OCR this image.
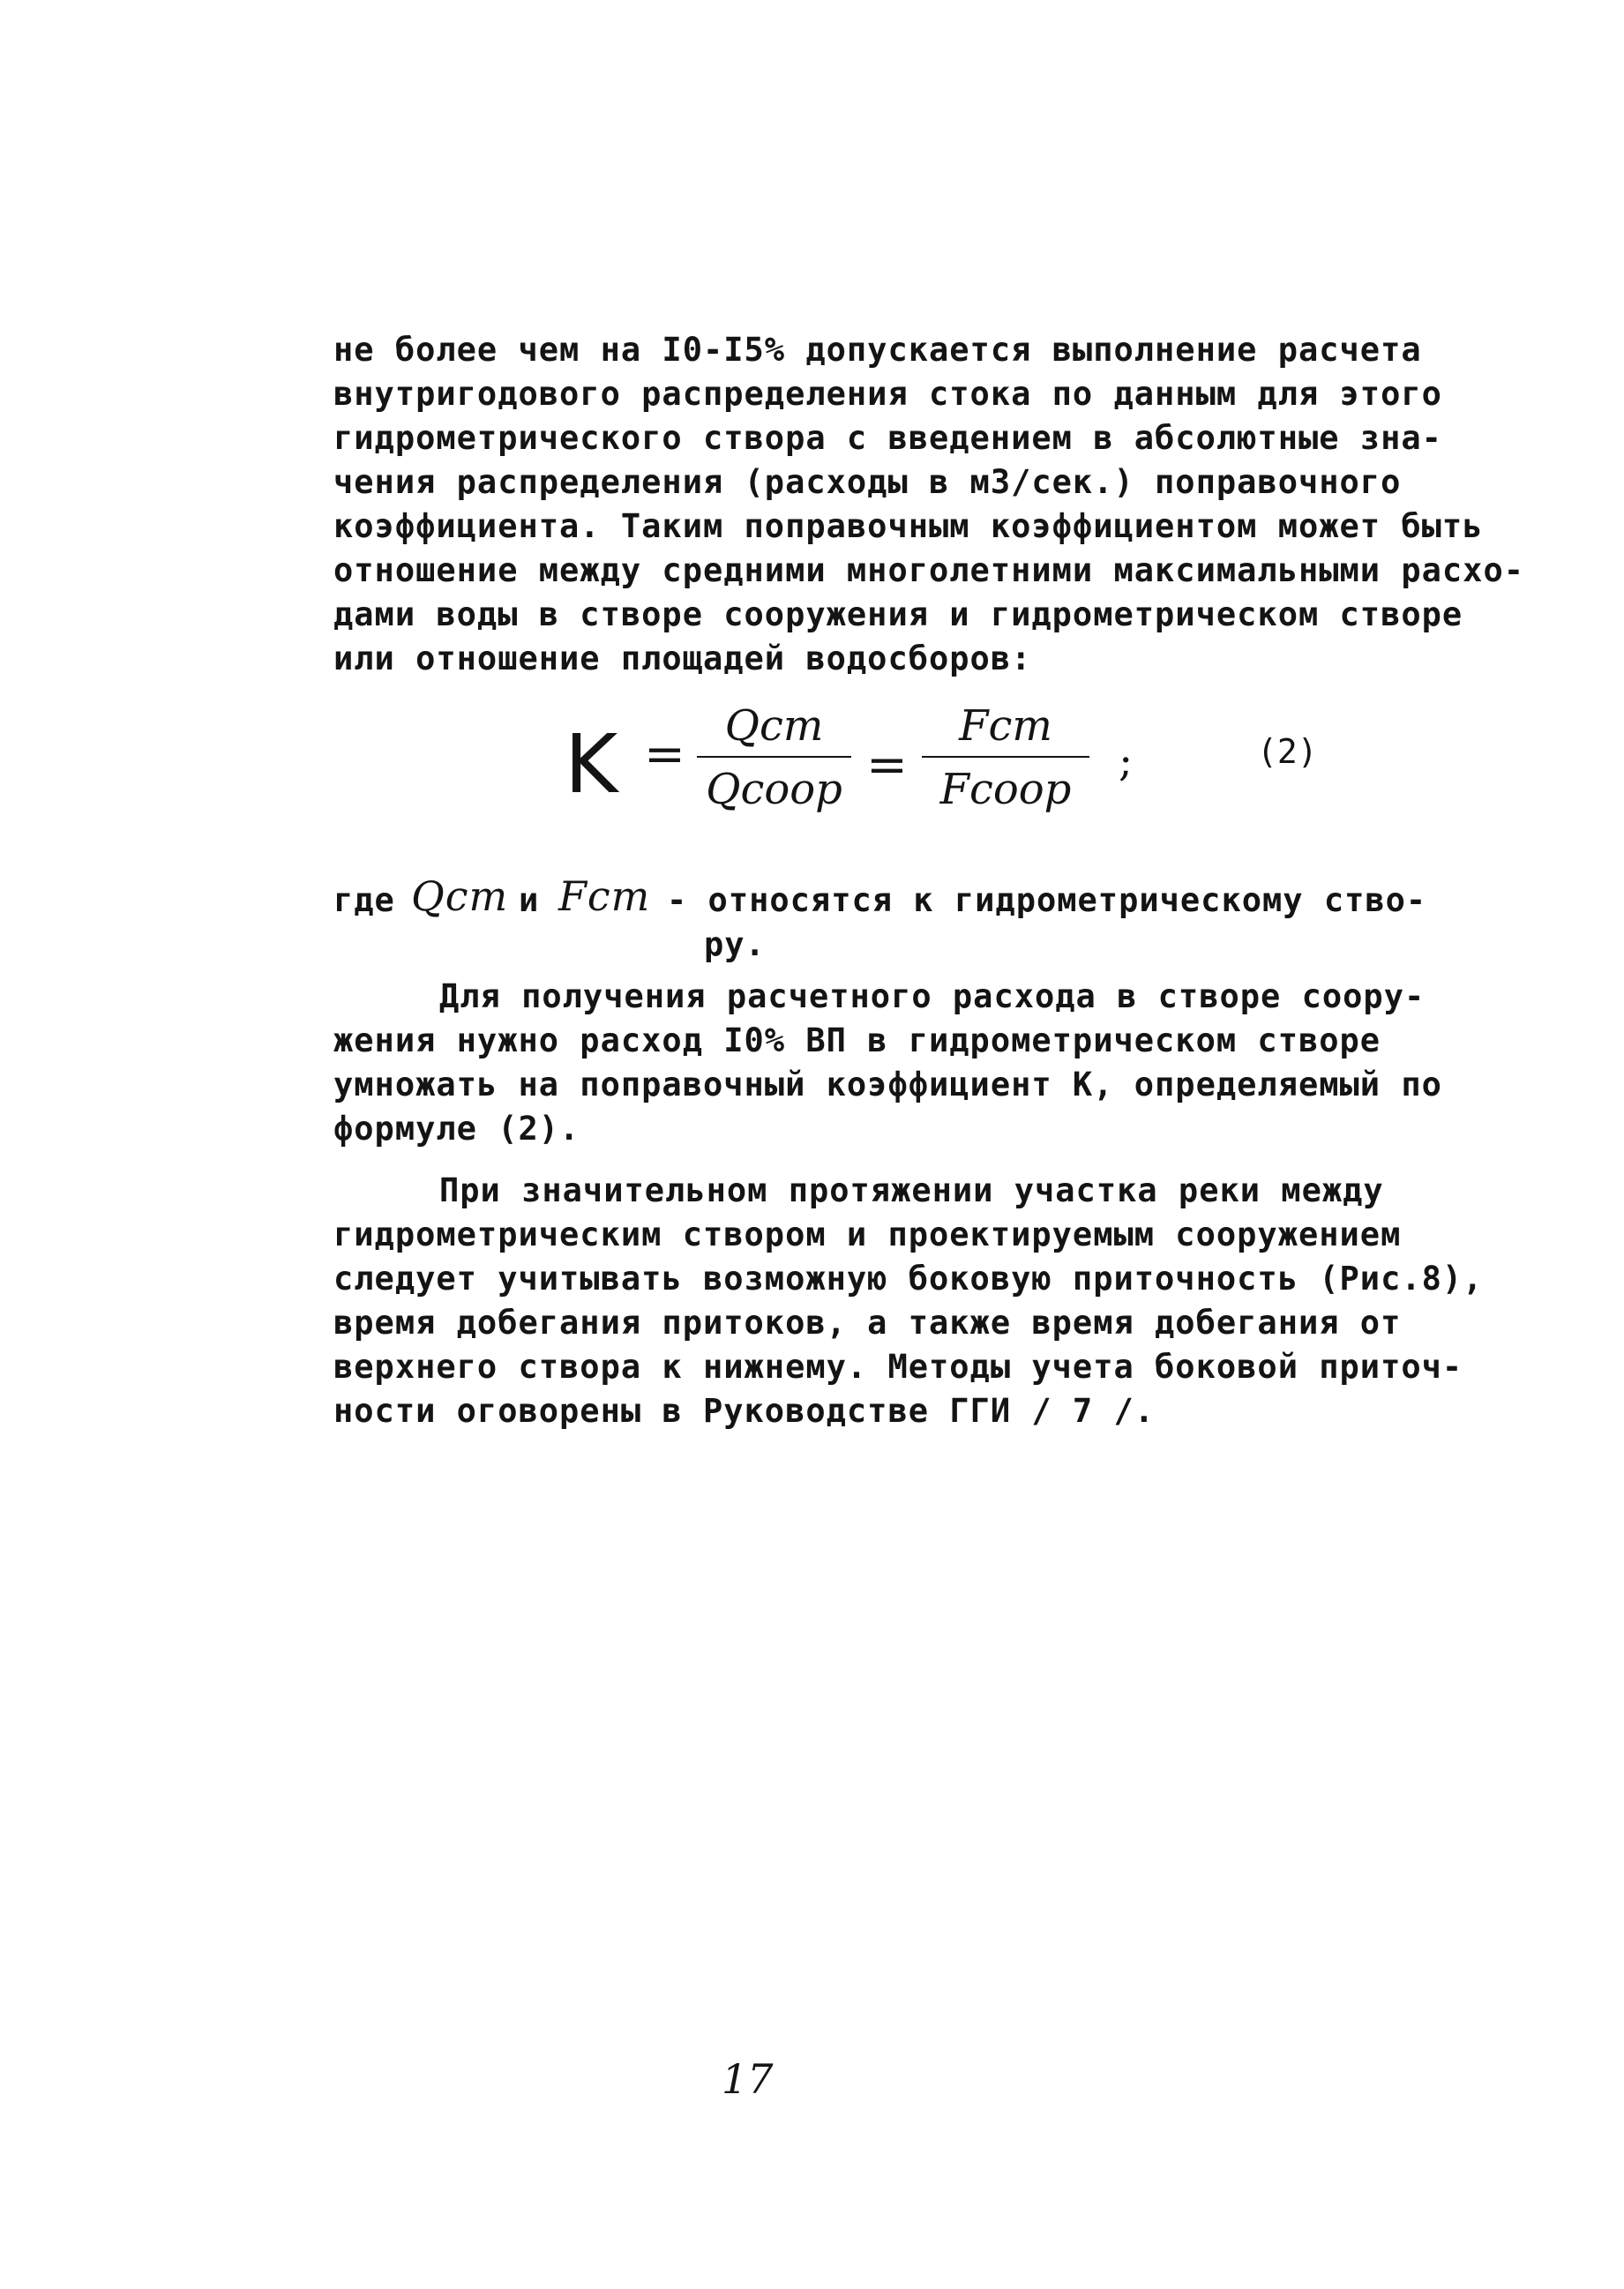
не более чем на I0-I5% допускается выполнение расчета
внутригодового распределения стока по данным для этого
гидрометрического створа с введением в абсолютные зна-
чения распределения (расходы в м3/сек.) поправочного
коэффициента. Таким поправочным коэффициентом может быть
отношение между средними многолетними максимальными расхо-
дами воды в створе сооружения и гидрометрическом створе
или отношение площадей водосборов:
K = Qст
Qсоор =
Fст
Fсоор
;	(2)
где Qст и Fст - относятся к гидрометрическому ство-
ру.
Для получения расчетного расхода в створе соору-
жения нужно расход I0% ВП в гидрометрическом створе
умножать на поправочный коэффициент К, определяемый по
формуле (2).
При значительном протяжении участка реки между
гидрометрическим створом и проектируемым сооружением
следует учитывать возможную боковую приточность (Рис.8),
время добегания притоков, а также время добегания от
верхнего створа к нижнему. Методы учета боковой приточ-
ности оговорены в Руководстве ГГИ / 7 /.
17
